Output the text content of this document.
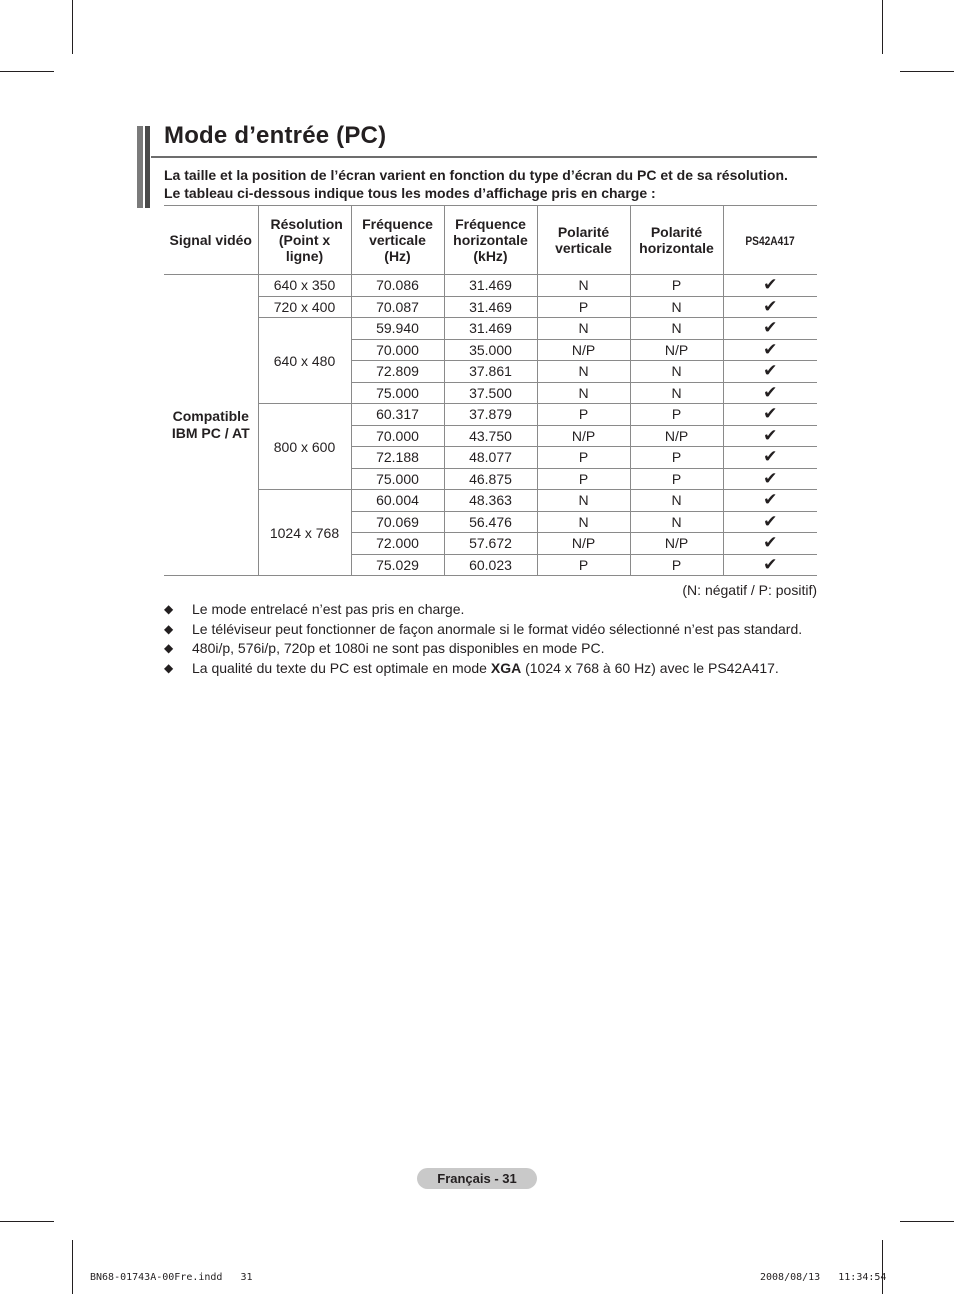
Mode d’entrée (PC)
La taille et la position de l’écran varient en fonction du type d’écran du PC et de sa résolution.
Le tableau ci-dessous indique tous les modes d’affichage pris en charge :
Signal vidéo	Résolution (Point x ligne)	Fréquence verticale (Hz)	Fréquence horizontale (kHz)	Polarité verticale	Polarité horizontale	PS42A417
Compatible IBM PC / AT	640 x 350	70.086	31.469	N	P	✔
	720 x 400	70.087	31.469	P	N	✔
	640 x 480	59.940	31.469	N	N	✔
		70.000	35.000	N/P	N/P	✔
		72.809	37.861	N	N	✔
		75.000	37.500	N	N	✔
	800 x 600	60.317	37.879	P	P	✔
		70.000	43.750	N/P	N/P	✔
		72.188	48.077	P	P	✔
		75.000	46.875	P	P	✔
	1024 x 768	60.004	48.363	N	N	✔
		70.069	56.476	N	N	✔
		72.000	57.672	N/P	N/P	✔
		75.029	60.023	P	P	✔
(N: négatif / P: positif)
◆ Le mode entrelacé n’est pas pris en charge.
◆ Le téléviseur peut fonctionner de façon anormale si le format vidéo sélectionné n’est pas standard.
◆ 480i/p, 576i/p, 720p et 1080i ne sont pas disponibles en mode PC.
◆ La qualité du texte du PC est optimale en mode XGA (1024 x 768 à 60 Hz) avec le PS42A417.
Français - 31
BN68-01743A-00Fre.indd   31	2008/08/13   11:34:54
